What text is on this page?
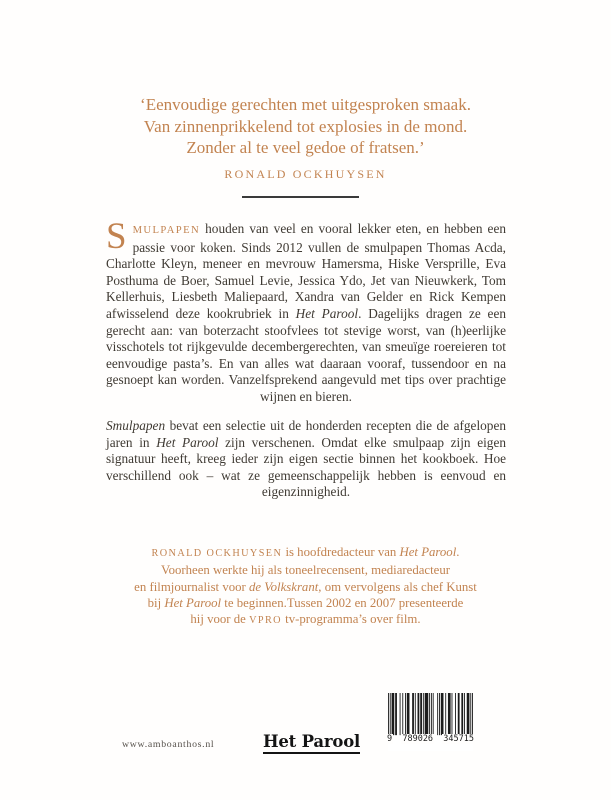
‘Eenvoudige gerechten met uitgesproken smaak.
Van zinnenprikkelend tot explosies in de mond.
Zonder al te veel gedoe of fratsen.’
RONALD OCKHUYSEN

SMULPAPEN houden van veel en vooral lekker eten, en hebben een passie voor koken. Sinds 2012 vullen de smulpapen Thomas Acda, Charlotte Kleyn, meneer en mevrouw Hamersma, Hiske Versprille, Eva Posthuma de Boer, Samuel Levie, Jessica Ydo, Jet van Nieuwkerk, Tom Kellerhuis, Liesbeth Maliepaard, Xandra van Gelder en Rick Kempen afwisselend deze kookrubriek in Het Parool. Dagelijks dragen ze een gerecht aan: van boterzacht stoofvlees tot stevige worst, van (h)eerlijke visschotels tot rijkgevulde decembergerechten, van smeuïge roereieren tot eenvoudige pasta’s. En van alles wat daaraan vooraf, tussendoor en na gesnoept kan worden. Vanzelfsprekend aangevuld met tips over prachtige wijnen en bieren.

Smulpapen bevat een selectie uit de honderden recepten die de afgelopen jaren in Het Parool zijn verschenen. Omdat elke smulpaap zijn eigen signatuur heeft, kreeg ieder zijn eigen sectie binnen het kookboek. Hoe verschillend ook – wat ze gemeenschappelijk hebben is eenvoud en eigenzinnigheid.

RONALD OCKHUYSEN is hoofdredacteur van Het Parool.
Voorheen werkte hij als toneelrecensent, mediaredacteur
en filmjournalist voor de Volkskrant, om vervolgens als chef Kunst
bij Het Parool te beginnen.Tussen 2002 en 2007 presenteerde
hij voor de VPRO tv-programma’s over film.
www.amboanthos.nl	Het Parool	9 789026 345715
